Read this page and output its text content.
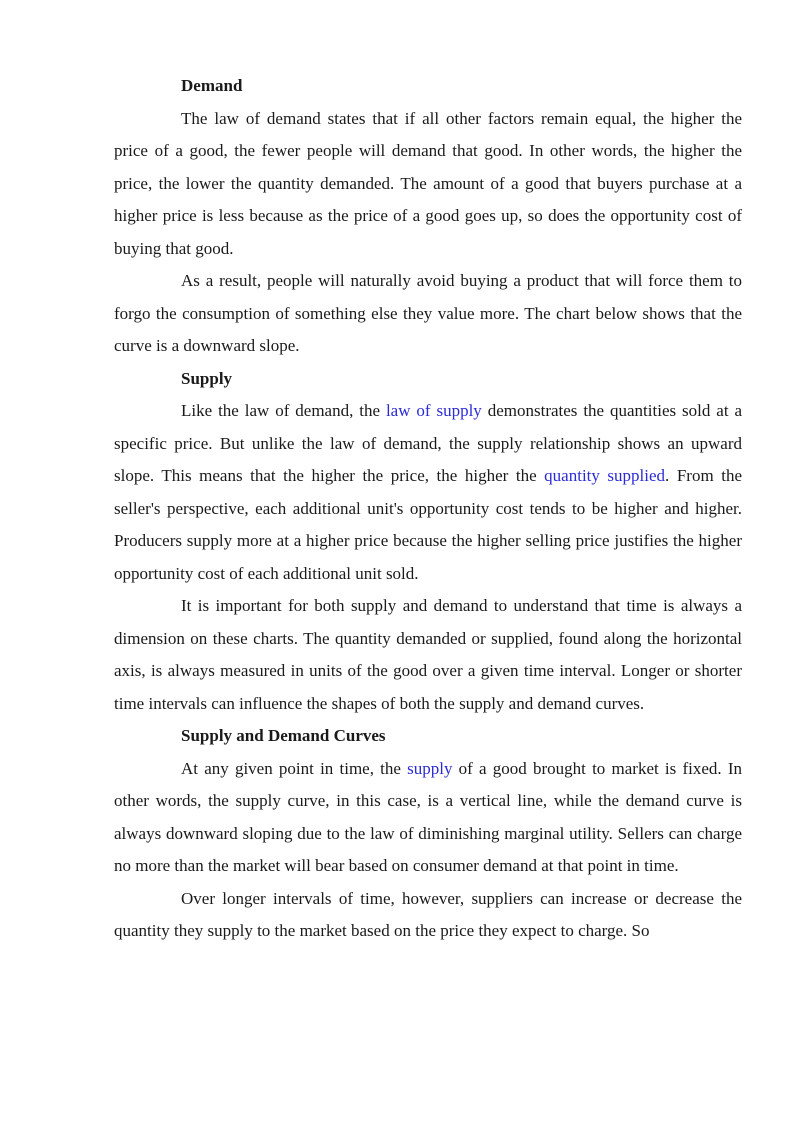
Demand

The law of demand states that if all other factors remain equal, the higher the price of a good, the fewer people will demand that good. In other words, the higher the price, the lower the quantity demanded. The amount of a good that buyers purchase at a higher price is less because as the price of a good goes up, so does the opportunity cost of buying that good.

As a result, people will naturally avoid buying a product that will force them to forgo the consumption of something else they value more. The chart below shows that the curve is a downward slope.

Supply

Like the law of demand, the law of supply demonstrates the quantities sold at a specific price. But unlike the law of demand, the supply relationship shows an upward slope. This means that the higher the price, the higher the quantity supplied. From the seller's perspective, each additional unit's opportunity cost tends to be higher and higher. Producers supply more at a higher price because the higher selling price justifies the higher opportunity cost of each additional unit sold.

It is important for both supply and demand to understand that time is always a dimension on these charts. The quantity demanded or supplied, found along the horizontal axis, is always measured in units of the good over a given time interval. Longer or shorter time intervals can influence the shapes of both the supply and demand curves.

Supply and Demand Curves

At any given point in time, the supply of a good brought to market is fixed. In other words, the supply curve, in this case, is a vertical line, while the demand curve is always downward sloping due to the law of diminishing marginal utility. Sellers can charge no more than the market will bear based on consumer demand at that point in time.

Over longer intervals of time, however, suppliers can increase or decrease the quantity they supply to the market based on the price they expect to charge. So
